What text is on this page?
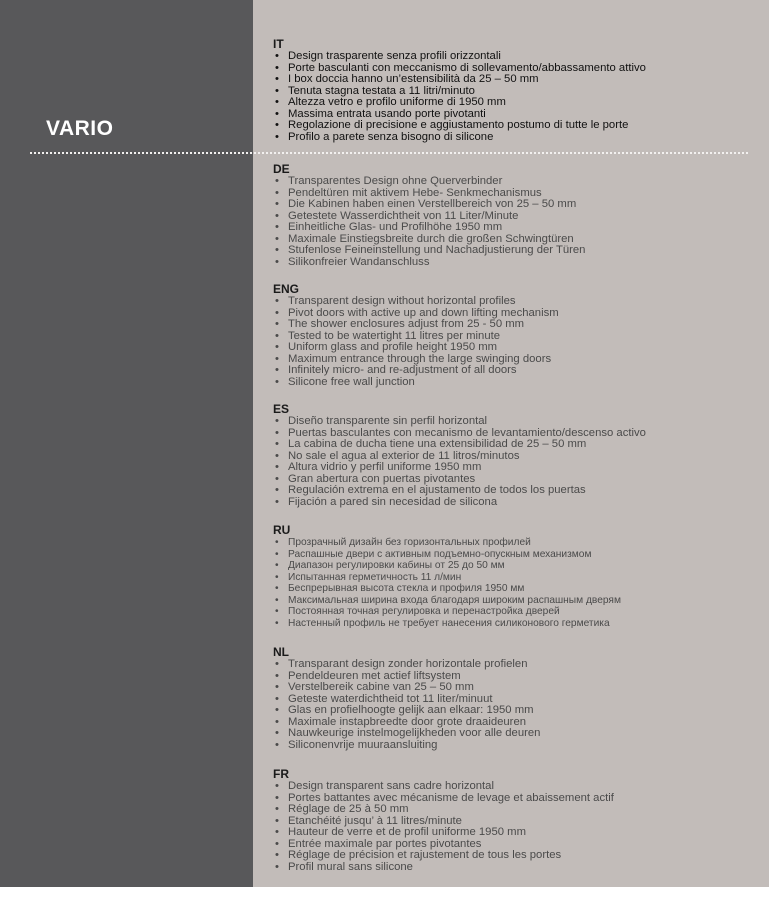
VARIO
IT
• Design trasparente senza profili orizzontali
• Porte basculanti con meccanismo di sollevamento/abbassamento attivo
• I box doccia hanno un’estensibilità da 25 – 50 mm
• Tenuta stagna testata a 11 litri/minuto
• Altezza vetro e profilo uniforme di 1950 mm
• Massima entrata usando porte pivotanti
• Regolazione di precisione e aggiustamento postumo di tutte le porte
• Profilo a parete senza bisogno di silicone
DE
• Transparentes Design ohne Querverbinder
• Pendeltüren mit aktivem Hebe- Senkmechanismus
• Die Kabinen haben einen Verstellbereich von 25 – 50 mm
• Getestete Wasserdichtheit von 11 Liter/Minute
• Einheitliche Glas- und Profilhöhe 1950 mm
• Maximale Einstiegsbreite durch die großen Schwingtüren
• Stufenlose Feineinstellung und Nachadjustierung der Türen
• Silikonfreier Wandanschluss
ENG
• Transparent design without horizontal profiles
• Pivot doors with active up and down lifting mechanism
• The shower enclosures adjust from 25 - 50 mm
• Tested to be watertight 11 litres per minute
• Uniform glass and profile height 1950 mm
• Maximum entrance through the large swinging doors
• Infinitely micro- and re-adjustment of all doors
• Silicone free wall junction
ES
• Diseño transparente sin perfil horizontal
• Puertas basculantes con mecanismo de levantamiento/descenso activo
• La cabina de ducha tiene una extensibilidad de 25 – 50 mm
• No sale el agua al exterior de 11 litros/minutos
• Altura vidrio y perfil uniforme 1950 mm
• Gran abertura con puertas pivotantes
• Regulación extrema en el ajustamento de todos los puertas
• Fijación a pared sin necesidad de silicona
RU
• Прозрачный дизайн без горизонтальных профилей
• Распашные двери с активным подъемно-опускным механизмом
• Диапазон регулировки кабины от 25 до 50 мм
• Испытанная герметичность 11 л/мин
• Беспрерывная высота стекла и профиля 1950 мм
• Максимальная ширина входа благодаря широким распашным дверям
• Постоянная точная регулировка и перенастройка дверей
• Настенный профиль не требует нанесения силиконового герметика
NL
• Transparant design zonder horizontale profielen
• Pendeldeuren met actief liftsystem
• Verstelbereik cabine van 25 – 50 mm
• Geteste waterdichtheid tot 11 liter/minuut
• Glas en profielhoogte gelijk aan elkaar: 1950 mm
• Maximale instapbreedte door grote draaideuren
• Nauwkeurige instelmogelijkheden voor alle deuren
• Siliconenvrije muuraansluiting
FR
• Design transparent sans cadre horizontal
• Portes battantes avec mécanisme de levage et abaissement actif
• Réglage de 25 à 50 mm
• Etanchéité jusqu’ à 11 litres/minute
• Hauteur de verre et de profil uniforme 1950 mm
• Entrée maximale par portes pivotantes
• Réglage de précision et rajustement de tous les portes
• Profil mural sans silicone
